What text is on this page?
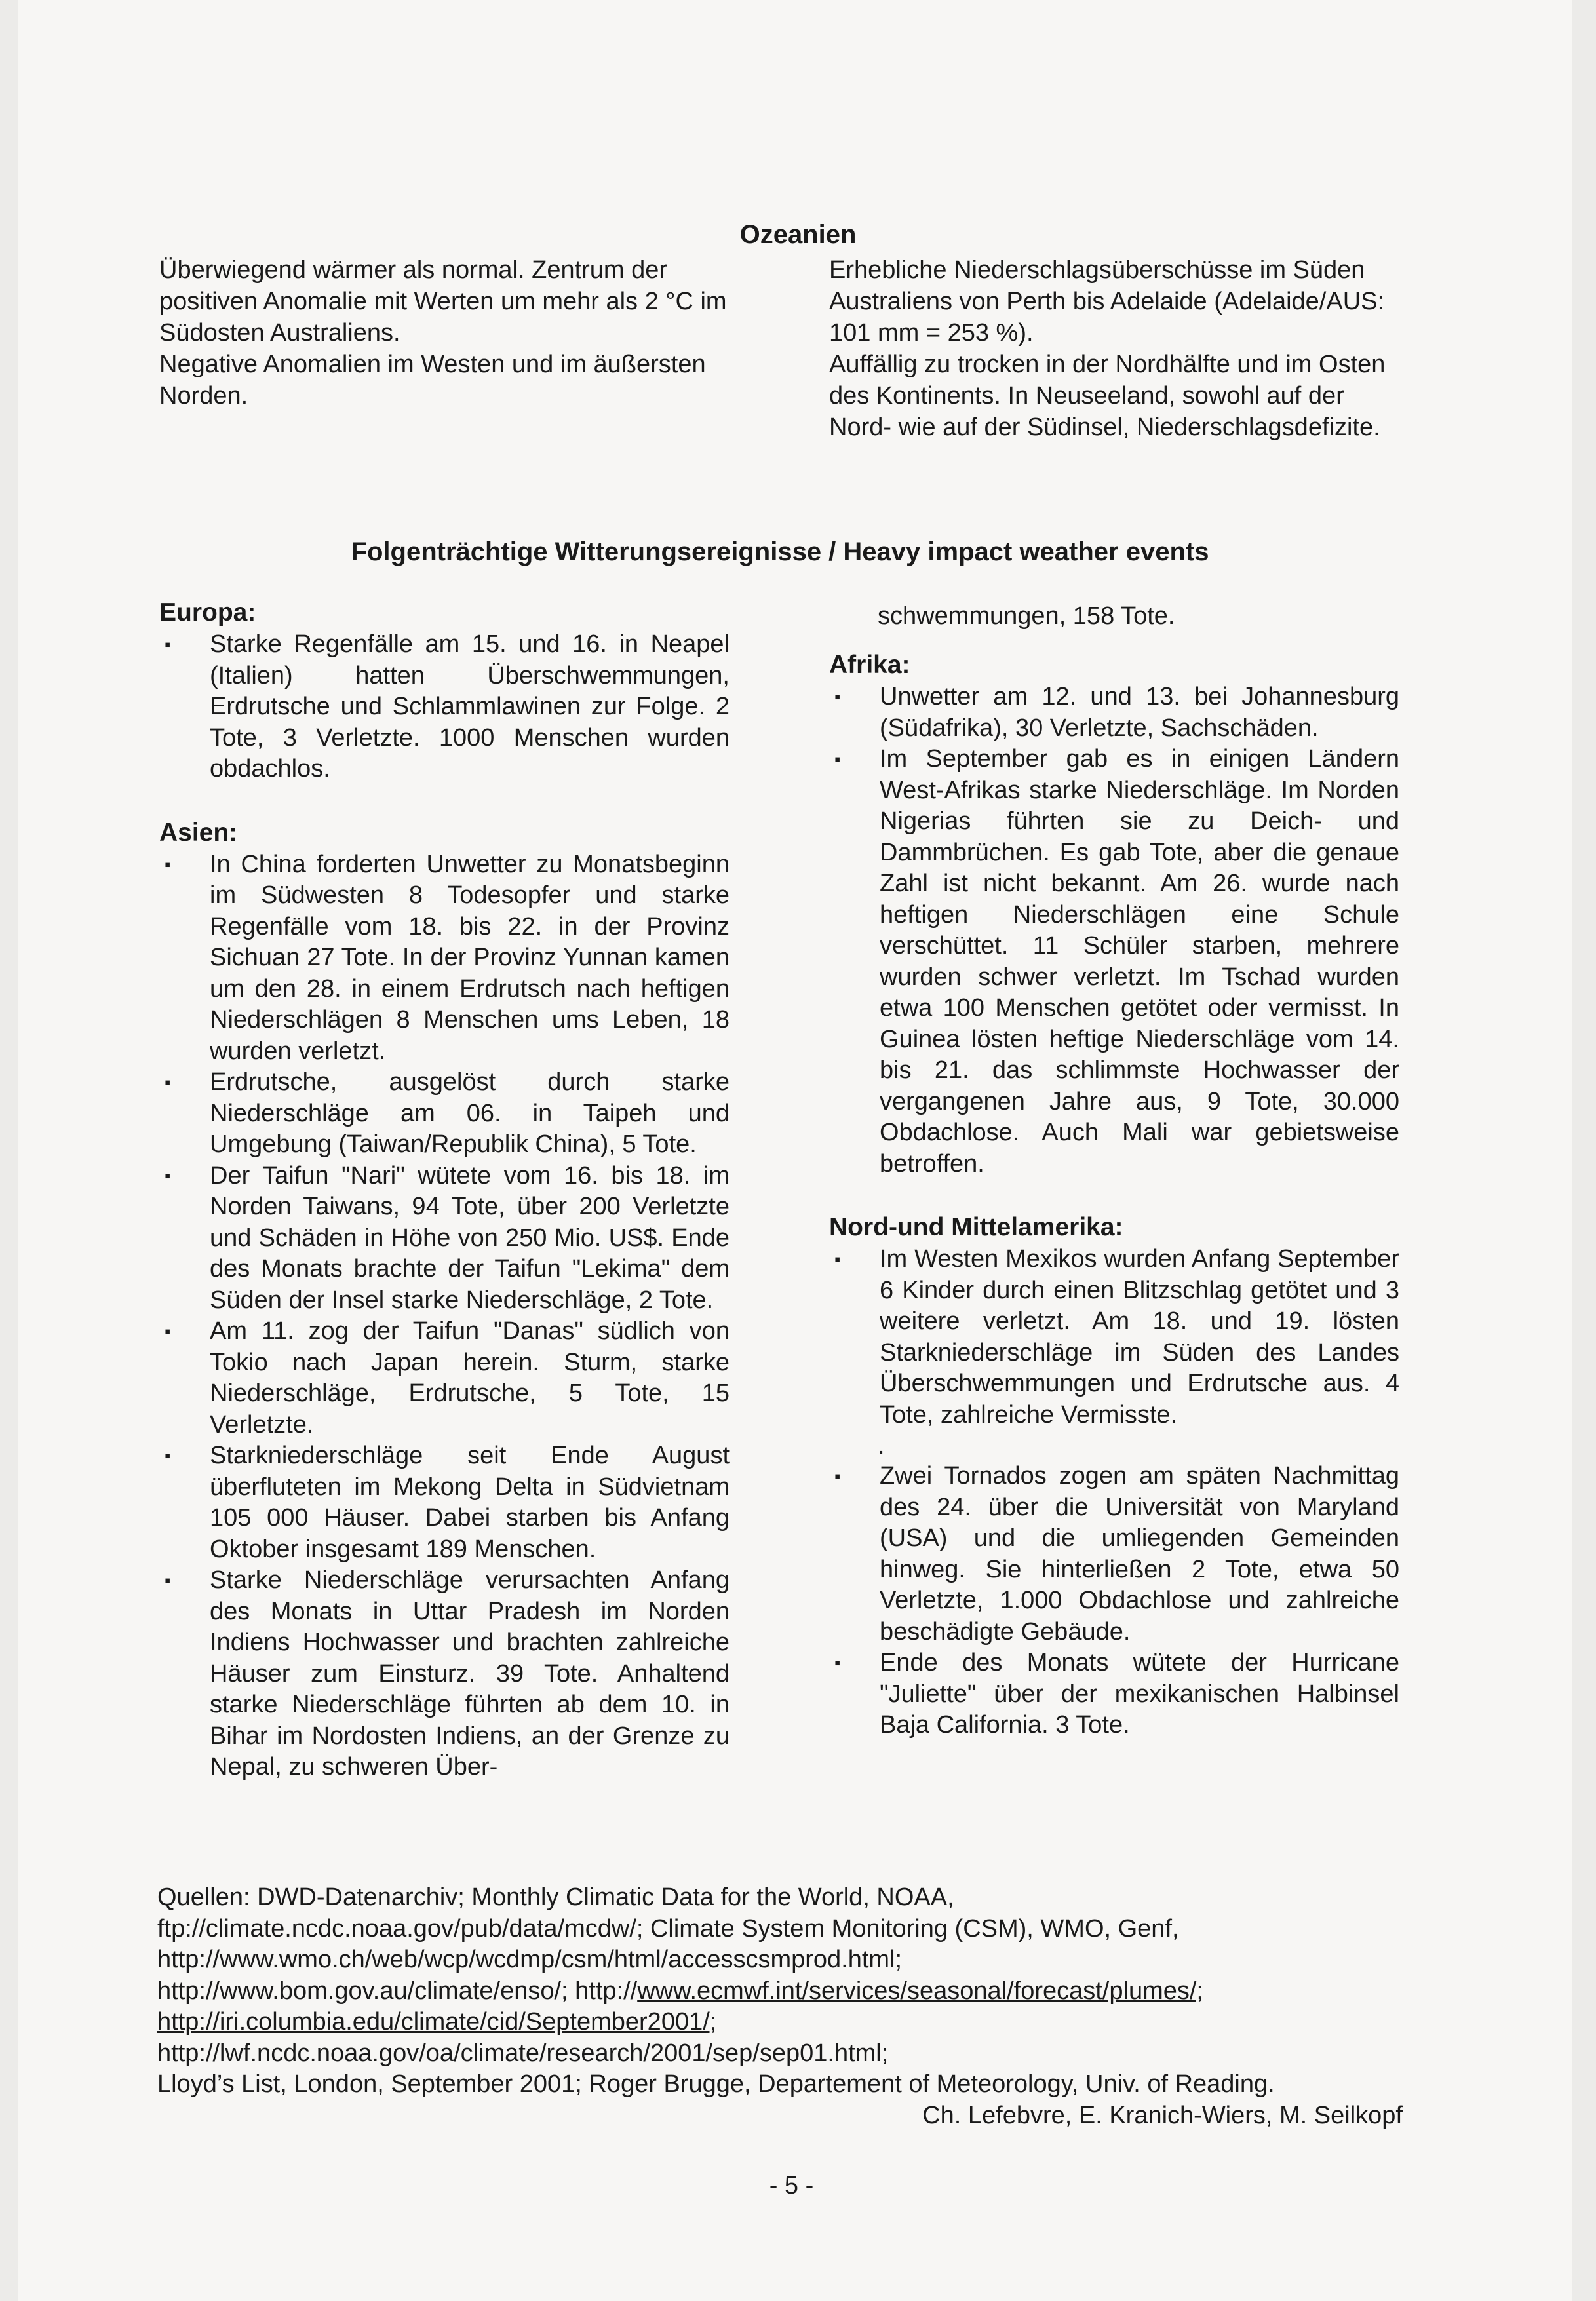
Ozeanien

Überwiegend wärmer als normal. Zentrum der positiven Anomalie mit Werten um mehr als 2 °C im Südosten Australiens.

Negative Anomalien im Westen und im äußersten Norden.

Erhebliche Niederschlagsüberschüsse im Süden Australiens von Perth bis Adelaide (Adelaide/AUS: 101 mm = 253 %).

Auffällig zu trocken in der Nordhälfte und im Osten des Kontinents. In Neuseeland, sowohl auf der Nord- wie auf der Südinsel, Niederschlagsdefizite.

Folgenträchtige Witterungsereignisse / Heavy impact weather events

Europa:

▪ Starke Regenfälle am 15. und 16. in Neapel (Italien) hatten Überschwemmungen, Erdrutsche und Schlammlawinen zur Folge. 2 Tote, 3 Verletzte. 1000 Menschen wurden obdachlos.

Asien:

▪ In China forderten Unwetter zu Monatsbeginn im Südwesten 8 Todesopfer und starke Regenfälle vom 18. bis 22. in der Provinz Sichuan 27 Tote. In der Provinz Yunnan kamen um den 28. in einem Erdrutsch nach heftigen Niederschlägen 8 Menschen ums Leben, 18 wurden verletzt.
▪ Erdrutsche, ausgelöst durch starke Niederschläge am 06. in Taipeh und Umgebung (Taiwan/Republik China), 5 Tote.
▪ Der Taifun "Nari" wütete vom 16. bis 18. im Norden Taiwans, 94 Tote, über 200 Verletzte und Schäden in Höhe von 250 Mio. US$. Ende des Monats brachte der Taifun "Lekima" dem Süden der Insel starke Niederschläge, 2 Tote.
▪ Am 11. zog der Taifun "Danas" südlich von Tokio nach Japan herein. Sturm, starke Niederschläge, Erdrutsche, 5 Tote, 15 Verletzte.
▪ Starkniederschläge seit Ende August überfluteten im Mekong Delta in Südvietnam 105 000 Häuser. Dabei starben bis Anfang Oktober insgesamt 189 Menschen.
▪ Starke Niederschläge verursachten Anfang des Monats in Uttar Pradesh im Norden Indiens Hochwasser und brachten zahlreiche Häuser zum Einsturz. 39 Tote. Anhaltend starke Niederschläge führten ab dem 10. in Bihar im Nordosten Indiens, an der Grenze zu Nepal, zu schweren Über-
schwemmungen, 158 Tote.

Afrika:

▪ Unwetter am 12. und 13. bei Johannesburg (Südafrika), 30 Verletzte, Sachschäden.
▪ Im September gab es in einigen Ländern West-Afrikas starke Niederschläge. Im Norden Nigerias führten sie zu Deich- und Dammbrüchen. Es gab Tote, aber die genaue Zahl ist nicht bekannt. Am 26. wurde nach heftigen Niederschlägen eine Schule verschüttet. 11 Schüler starben, mehrere wurden schwer verletzt. Im Tschad wurden etwa 100 Menschen getötet oder vermisst. In Guinea lösten heftige Niederschläge vom 14. bis 21. das schlimmste Hochwasser der vergangenen Jahre aus, 9 Tote, 30.000 Obdachlose. Auch Mali war gebietsweise betroffen.

Nord-und Mittelamerika:

▪ Im Westen Mexikos wurden Anfang September 6 Kinder durch einen Blitzschlag getötet und 3 weitere verletzt. Am 18. und 19. lösten Starkniederschläge im Süden des Landes Überschwemmungen und Erdrutsche aus. 4 Tote, zahlreiche Vermisste.
.
▪ Zwei Tornados zogen am späten Nachmittag des 24. über die Universität von Maryland (USA) und die umliegenden Gemeinden hinweg. Sie hinterließen 2 Tote, etwa 50 Verletzte, 1.000 Obdachlose und zahlreiche beschädigte Gebäude.
▪ Ende des Monats wütete der Hurricane "Juliette" über der mexikanischen Halbinsel Baja California. 3 Tote.
Quellen: DWD-Datenarchiv; Monthly Climatic Data for the World, NOAA,
ftp://climate.ncdc.noaa.gov/pub/data/mcdw/; Climate System Monitoring (CSM), WMO, Genf,
http://www.wmo.ch/web/wcp/wcdmp/csm/html/accesscsmprod.html;
http://www.bom.gov.au/climate/enso/; http://www.ecmwf.int/services/seasonal/forecast/plumes/;
http://iri.columbia.edu/climate/cid/September2001/;
http://lwf.ncdc.noaa.gov/oa/climate/research/2001/sep/sep01.html;
Lloyd’s List, London, September 2001; Roger Brugge, Departement of Meteorology, Univ. of Reading.
Ch. Lefebvre, E. Kranich-Wiers, M. Seilkopf
- 5 -
